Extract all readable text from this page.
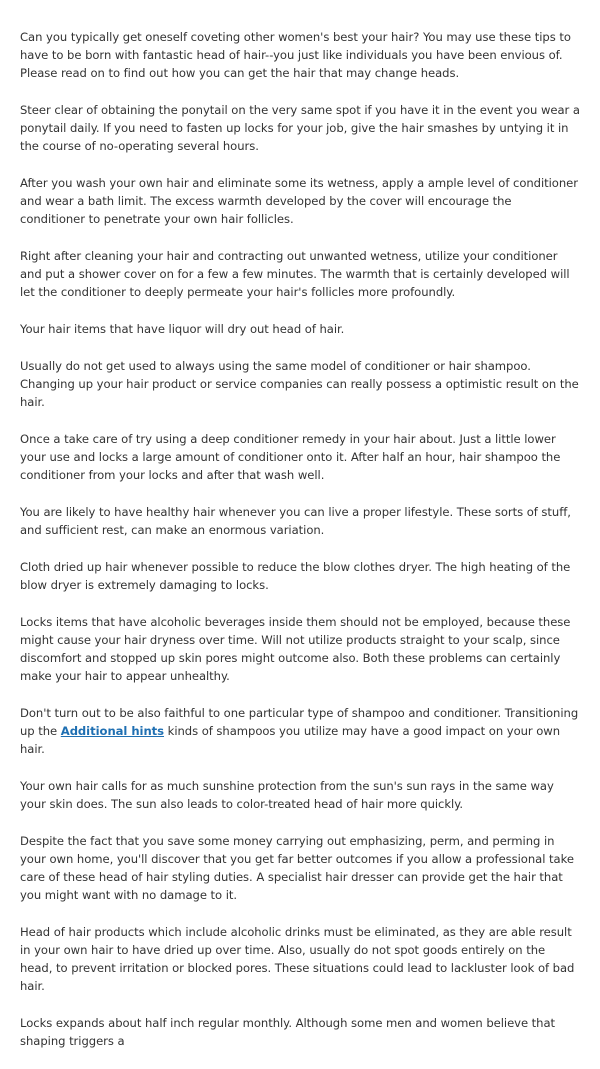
Can you typically get oneself coveting other women's best your hair? You may use these tips to have to be born with fantastic head of hair--you just like individuals you have been envious of. Please read on to find out how you can get the hair that may change heads.

Steer clear of obtaining the ponytail on the very same spot if you have it in the event you wear a ponytail daily. If you need to fasten up locks for your job, give the hair smashes by untying it in the course of no-operating several hours.

After you wash your own hair and eliminate some its wetness, apply a ample level of conditioner and wear a bath limit. The excess warmth developed by the cover will encourage the conditioner to penetrate your own hair follicles.

Right after cleaning your hair and contracting out unwanted wetness, utilize your conditioner and put a shower cover on for a few a few minutes. The warmth that is certainly developed will let the conditioner to deeply permeate your hair's follicles more profoundly.

Your hair items that have liquor will dry out head of hair.

Usually do not get used to always using the same model of conditioner or hair shampoo. Changing up your hair product or service companies can really possess a optimistic result on the hair.

Once a take care of try using a deep conditioner remedy in your hair about. Just a little lower your use and locks a large amount of conditioner onto it. After half an hour, hair shampoo the conditioner from your locks and after that wash well.

You are likely to have healthy hair whenever you can live a proper lifestyle. These sorts of stuff, and sufficient rest, can make an enormous variation.

Cloth dried up hair whenever possible to reduce the blow clothes dryer. The high heating of the blow dryer is extremely damaging to locks.

Locks items that have alcoholic beverages inside them should not be employed, because these might cause your hair dryness over time. Will not utilize products straight to your scalp, since discomfort and stopped up skin pores might outcome also. Both these problems can certainly make your hair to appear unhealthy.

Don't turn out to be also faithful to one particular type of shampoo and conditioner. Transitioning up the Additional hints kinds of shampoos you utilize may have a good impact on your own hair.

Your own hair calls for as much sunshine protection from the sun's sun rays in the same way your skin does. The sun also leads to color-treated head of hair more quickly.

Despite the fact that you save some money carrying out emphasizing, perm, and perming in your own home, you'll discover that you get far better outcomes if you allow a professional take care of these head of hair styling duties. A specialist hair dresser can provide get the hair that you might want with no damage to it.

Head of hair products which include alcoholic drinks must be eliminated, as they are able result in your own hair to have dried up over time. Also, usually do not spot goods entirely on the head, to prevent irritation or blocked pores. These situations could lead to lackluster look of bad hair.

Locks expands about half inch regular monthly. Although some men and women believe that shaping triggers a
